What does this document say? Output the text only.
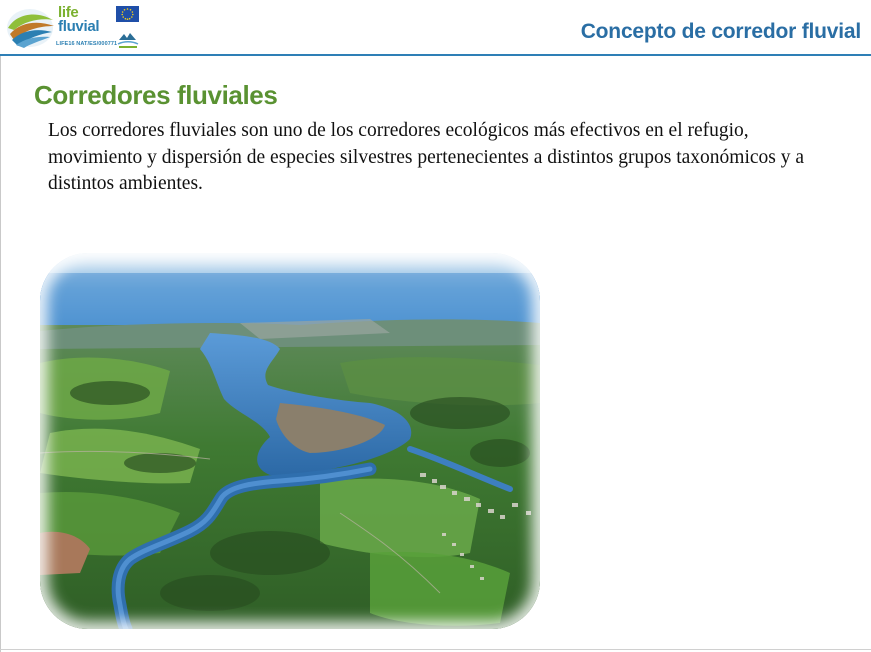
life
fluvial
LIFE16 NAT/ES/000771
Concepto de corredor fluvial
Corredores fluviales
Los corredores fluviales son uno de los corredores ecológicos más efectivos en el refugio, movimiento y dispersión de especies silvestres pertenecientes a distintos grupos taxonómicos y a distintos ambientes.
